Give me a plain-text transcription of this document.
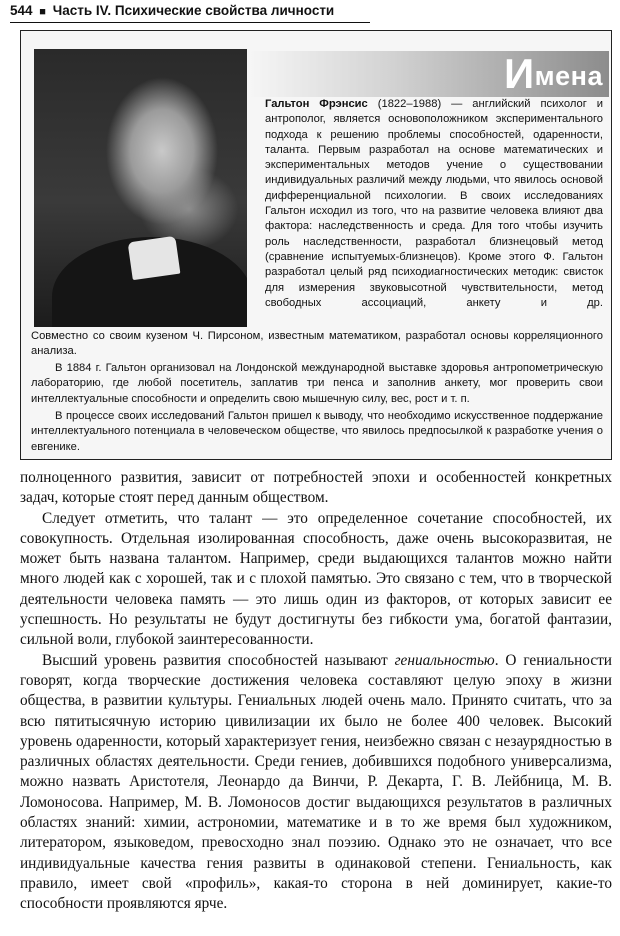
544 ■ Часть IV. Психические свойства личности
Имена

Гальтон Фрэнсис (1822–1988) — английский психолог и антрополог, является основоположником экспериментального подхода к решению проблемы способностей, одаренности, таланта. Первым разработал на основе математических и экспериментальных методов учение о существовании индивидуальных различий между людьми, что явилось основой дифференциальной психологии. В своих исследованиях Гальтон исходил из того, что на развитие человека влияют два фактора: наследственность и среда. Для того чтобы изучить роль наследственности, разработал близнецовый метод (сравнение испытуемых-близнецов). Кроме этого Ф. Гальтон разработал целый ряд психодиагностических методик: свисток для измерения звуковысотной чувствительности, метод свободных ассоциаций, анкету и др.

Совместно со своим кузеном Ч. Пирсоном, известным математиком, разработал основы корреляционного анализа.

В 1884 г. Гальтон организовал на Лондонской международной выставке здоровья антропометрическую лабораторию, где любой посетитель, заплатив три пенса и заполнив анкету, мог проверить свои интеллектуальные способности и определить свою мышечную силу, вес, рост и т. п.

В процессе своих исследований Гальтон пришел к выводу, что необходимо искусственное поддержание интеллектуального потенциала в человеческом обществе, что явилось предпосылкой к разработке учения о евгенике.

полноценного развития, зависит от потребностей эпохи и особенностей конкретных задач, которые стоят перед данным обществом.

Следует отметить, что талант — это определенное сочетание способностей, их совокупность. Отдельная изолированная способность, даже очень высокоразвитая, не может быть названа талантом. Например, среди выдающихся талантов можно найти много людей как с хорошей, так и с плохой памятью. Это связано с тем, что в творческой деятельности человека память — это лишь один из факторов, от которых зависит ее успешность. Но результаты не будут достигнуты без гибкости ума, богатой фантазии, сильной воли, глубокой заинтересованности.

Высший уровень развития способностей называют гениальностью. О гениальности говорят, когда творческие достижения человека составляют целую эпоху в жизни общества, в развитии культуры. Гениальных людей очень мало. Принято считать, что за всю пятитысячную историю цивилизации их было не более 400 человек. Высокий уровень одаренности, который характеризует гения, неизбежно связан с незаурядностью в различных областях деятельности. Среди гениев, добившихся подобного универсализма, можно назвать Аристотеля, Леонардо да Винчи, Р. Декарта, Г. В. Лейбница, М. В. Ломоносова. Например, М. В. Ломоносов достиг выдающихся результатов в различных областях знаний: химии, астрономии, математике и в то же время был художником, литератором, языковедом, превосходно знал поэзию. Однако это не означает, что все индивидуальные качества гения развиты в одинаковой степени. Гениальность, как правило, имеет свой «профиль», какая-то сторона в ней доминирует, какие-то способности проявляются ярче.
